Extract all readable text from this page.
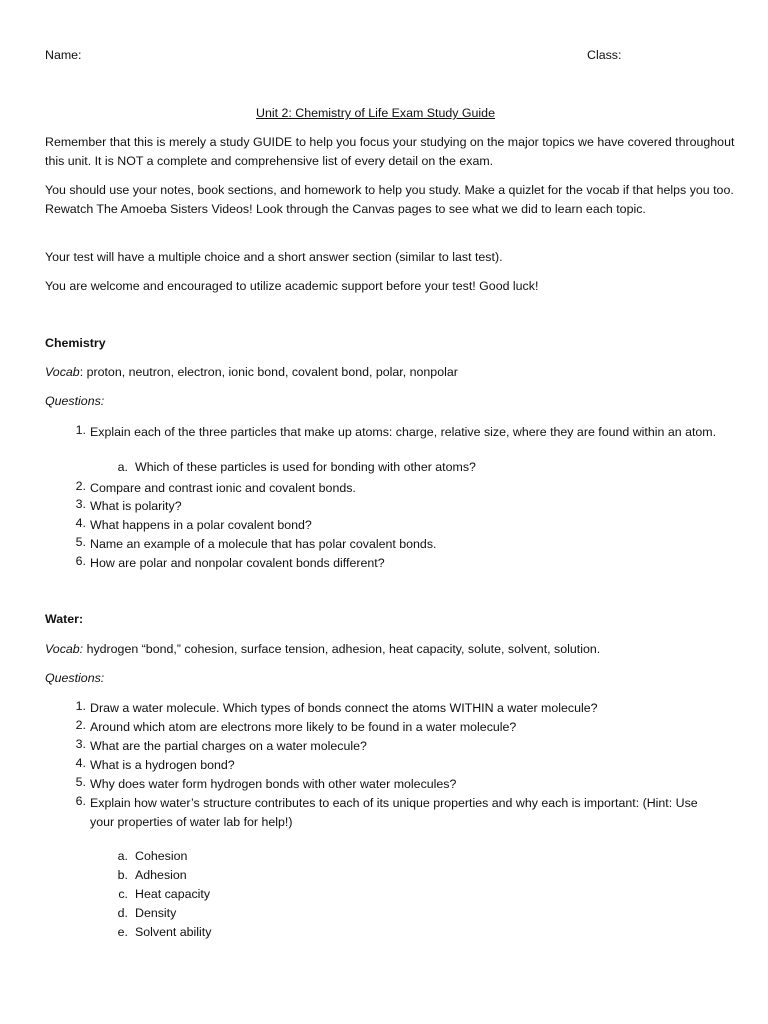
Name:	Class:
Unit 2: Chemistry of Life Exam Study Guide
Remember that this is merely a study GUIDE to help you focus your studying on the major topics we have covered throughout this unit. It is NOT a complete and comprehensive list of every detail on the exam.
You should use your notes, book sections, and homework to help you study. Make a quizlet for the vocab if that helps you too. Rewatch The Amoeba Sisters Videos! Look through the Canvas pages to see what we did to learn each topic.
Your test will have a multiple choice and a short answer section (similar to last test).
You are welcome and encouraged to utilize academic support before your test! Good luck!
Chemistry
Vocab: proton, neutron, electron, ionic bond, covalent bond, polar, nonpolar
Questions:
1. Explain each of the three particles that make up atoms: charge, relative size, where they are found within an atom.
a. Which of these particles is used for bonding with other atoms?
2. Compare and contrast ionic and covalent bonds.
3. What is polarity?
4. What happens in a polar covalent bond?
5. Name an example of a molecule that has polar covalent bonds.
6. How are polar and nonpolar covalent bonds different?
Water:
Vocab: hydrogen “bond,” cohesion, surface tension, adhesion, heat capacity, solute, solvent, solution.
Questions:
1. Draw a water molecule. Which types of bonds connect the atoms WITHIN a water molecule?
2. Around which atom are electrons more likely to be found in a water molecule?
3. What are the partial charges on a water molecule?
4. What is a hydrogen bond?
5. Why does water form hydrogen bonds with other water molecules?
6. Explain how water’s structure contributes to each of its unique properties and why each is important: (Hint: Use your properties of water lab for help!)
a. Cohesion
b. Adhesion
c. Heat capacity
d. Density
e. Solvent ability
